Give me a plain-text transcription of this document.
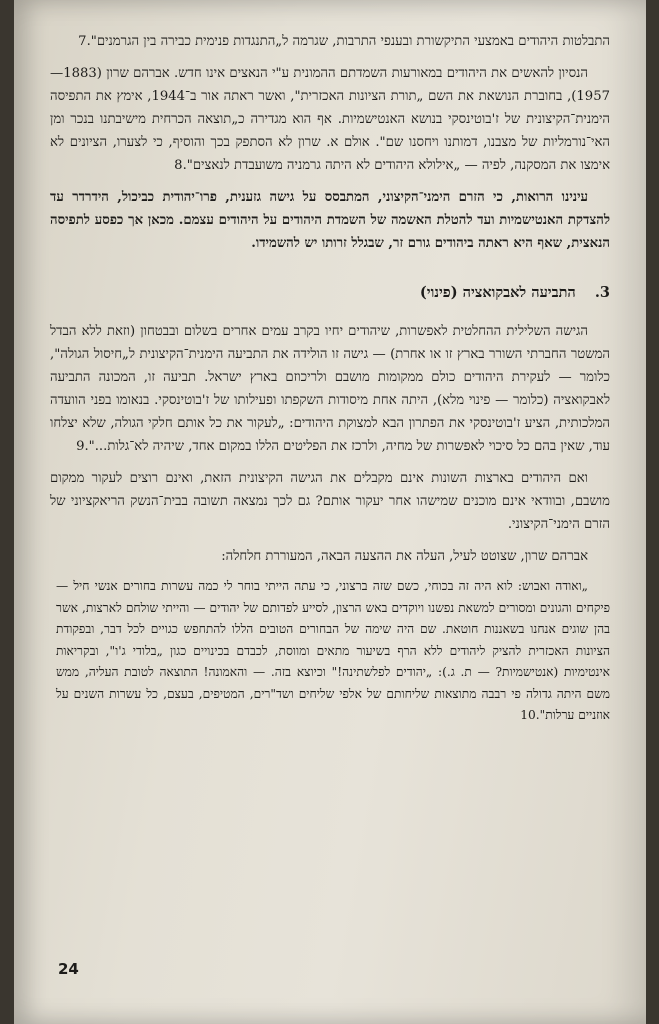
התבלטות היהודים באמצעי התיקשורת ובענפי התרבות, שגרמה ל„התנגדות פנימית כבירה בין הגרמנים".7

הנסיון להאשים את היהודים במאורעות השמדתם ההמונית ע"י הנאצים אינו חדש. אברהם שרון (1883—1957), בחוברת הנושאת את השם „תורת הציונות האכזרית", ואשר ראתה אור ב־1944, אימץ את התפיסה הימנית־הקיצונית של ז'בוטינסקי בנושא האנטישמיות. אף הוא מגדירה כ„תוצאה הכרחית מישיבתנו בנכר ומן האי־נורמליות של מצבנו, דמותנו ויחסנו שם". אולם א. שרון לא הסתפק בכך והוסיף, כי לצערו, הציונים לא אימצו את המסקנה, לפיה — „אילולא היהודים לא היתה גרמניה משועבדת לנאצים".8

עינינו הרואות, כי הזרם הימני־הקיצוני, המתבסס על גישה גזענית, פרו־יהודית כביכול, הידרדר עד להצדקת האנטישמיות ועד להטלת האשמה של השמדת היהודים על היהודים עצמם. מכאן אך כפסע לתפיסה הנאצית, שאף היא ראתה ביהודים גורם זר, שבגלל זרותו יש להשמידו.

3. התביעה לאבקואציה (פינוי)

הגישה השלילית ההחלטית לאפשרות, שיהודים יחיו בקרב עמים אחרים בשלום ובבטחון (וזאת ללא הבדל המשטר החברתי השורר בארץ זו או אחרת) — גישה זו הולידה את התביעה הימנית־הקיצונית ל„חיסול הגולה", כלומר — לעקירת היהודים כולם ממקומות מושבם ולריכוזם בארץ ישראל. תביעה זו, המכונה התביעה לאבקואציה (כלומר — פינוי מלא), היתה אחת מיסודות השקפתו ופעילותו של ז'בוטינסקי. בנאומו בפני הוועדה המלכותית, הציע ז'בוטינסקי את הפתרון הבא למצוקת היהודים: „לעקור את כל אותם חלקי הגולה, שלא יצלחו עוד, שאין בהם כל סיכוי לאפשרות של מחיה, ולרכז את הפליטים הללו במקום אחד, שיהיה לא־גלות...".9

ואם היהודים בארצות השונות אינם מקבלים את הגישה הקיצונית הזאת, ואינם רוצים לעקור ממקום מושבם, ובוודאי אינם מוכנים שמישהו אחר יעקור אותם? גם לכך נמצאה תשובה בבית־הנשק הריאקציוני של הזרם הימני־הקיצוני.

אברהם שרון, שצוטט לעיל, העלה את ההצעה הבאה, המעוררת חלחלה:

„ואודה ואבוש: לוא היה זה בכוחי, כשם שזה ברצוני, כי עתה הייתי בוחר לי כמה עשרות בחורים אנשי חיל — פיקחים והגונים ומסורים למשאת נפשנו ויוקדים באש הרצון, לסייע לפדותם של יהודים — והייתי שולחם לארצות, אשר בהן שוגים אנחנו בשאננות חוטאת. שם היה שימה של הבחורים הטובים הללו להתחפש כגויים לכל דבר, ובפקודת הציונות האכזרית להציק ליהודים ללא הרף בשיעור מתאים ומווסת, לכבדם בכינויים כגון „בלודי ג'ו", ובקריאות אינטימיות (אנטישמיות? — ת. ג.): „יהודים לפלשתינה!" וכיוצא בזה. — והאמונה! התוצאה לטובת העליה, ממש משם היתה גדולה פי רבבה מתוצאות שליחותם של אלפי שליחים ושד"רים, המטיפים, בעצם, כל עשרות השנים על אוזניים ערלות".10

24
